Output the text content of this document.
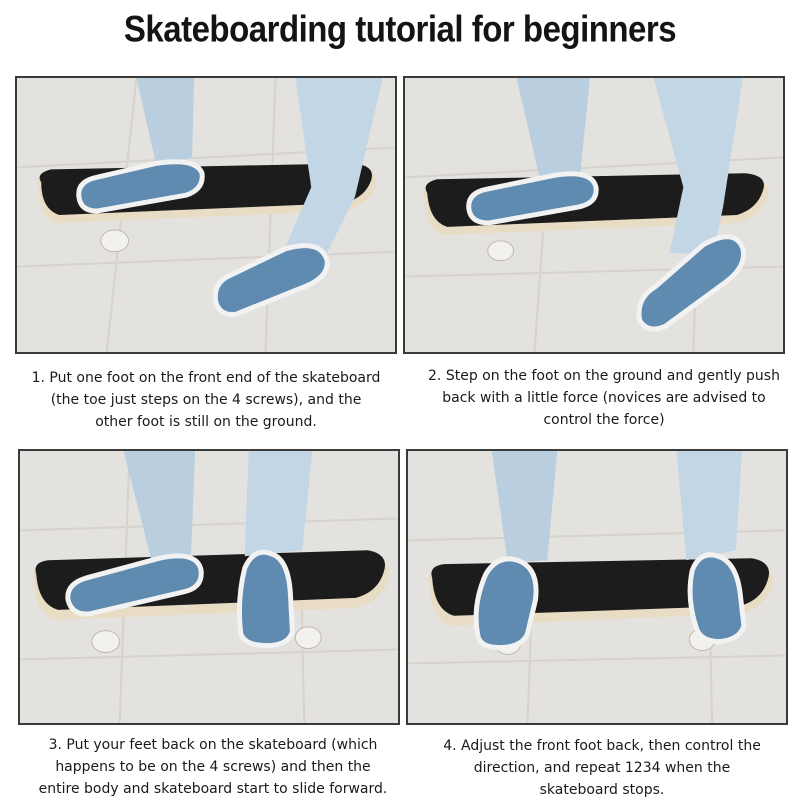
Skateboarding tutorial for beginners
1. Put one foot on the front end of the skateboard (the toe just steps on the 4 screws), and the other foot is still on the ground.
2. Step on the foot on the ground and gently push back with a little force (novices are advised to control the force)
3. Put your feet back on the skateboard (which happens to be on the 4 screws) and then the entire body and skateboard start to slide forward.
4. Adjust the front foot back, then control the direction, and repeat 1234 when the skateboard stops.
